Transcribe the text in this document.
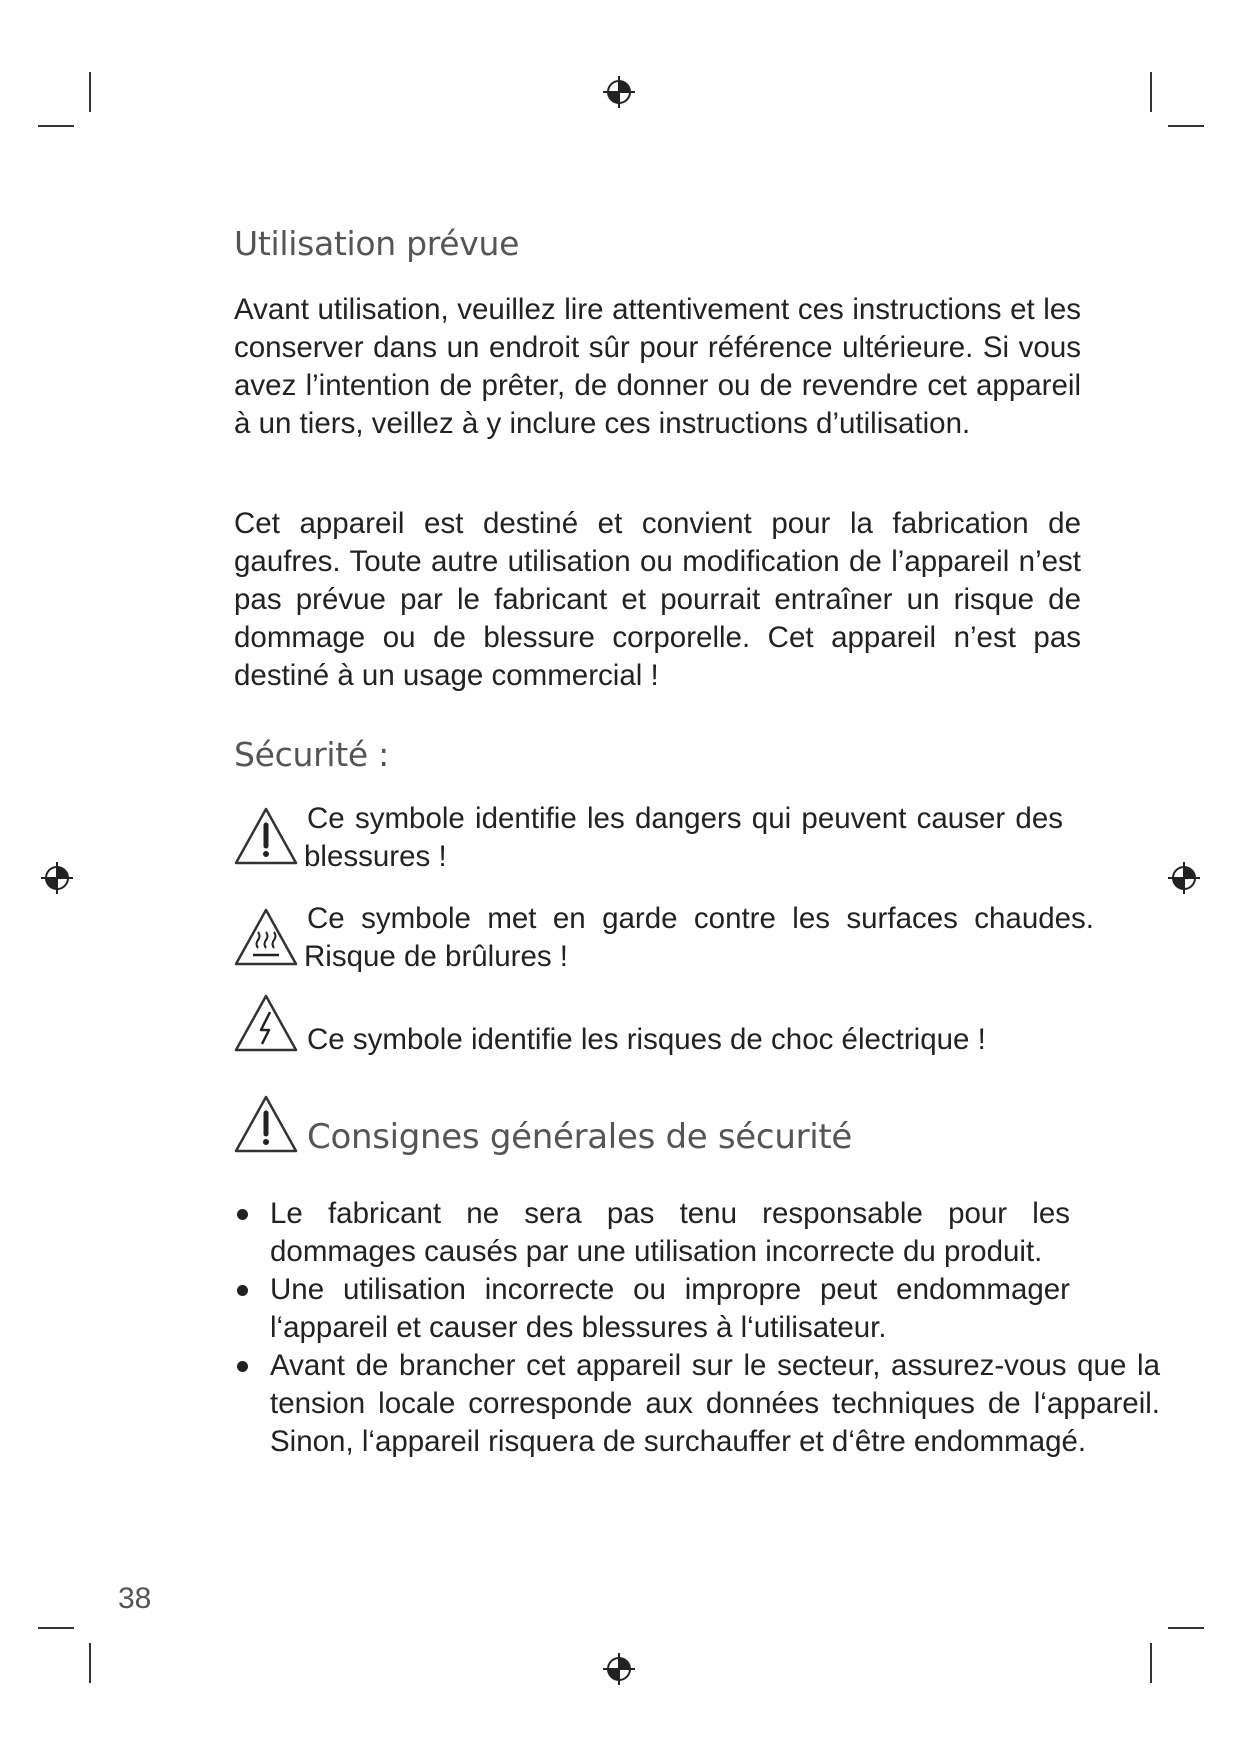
Utilisation prévue

Avant utilisation, veuillez lire attentivement ces instructions et les conserver dans un endroit sûr pour référence ultérieure. Si vous avez l’intention de prêter, de donner ou de revendre cet appareil à un tiers, veillez à y inclure ces instructions d’utilisation.

Cet appareil est destiné et convient pour la fabrication de gaufres. Toute autre utilisation ou modification de l’appareil n’est pas prévue par le fabricant et pourrait entraîner un risque de dommage ou de blessure corporelle. Cet appareil n’est pas destiné à un usage commercial !

Sécurité :

Ce symbole identifie les dangers qui peuvent causer des blessures !

Ce symbole met en garde contre les surfaces chaudes. Risque de brûlures !

Ce symbole identifie les risques de choc électrique !

Consignes générales de sécurité
Le fabricant ne sera pas tenu responsable pour les dommages causés par une utilisation incorrecte du produit.
Une utilisation incorrecte ou impropre peut endommager l‘appareil et causer des blessures à l‘utilisateur.
Avant de brancher cet appareil sur le secteur, assurez-vous que la tension locale corresponde aux données techniques de l‘appareil. Sinon, l‘appareil risquera de surchauffer et d‘être endommagé.
38
